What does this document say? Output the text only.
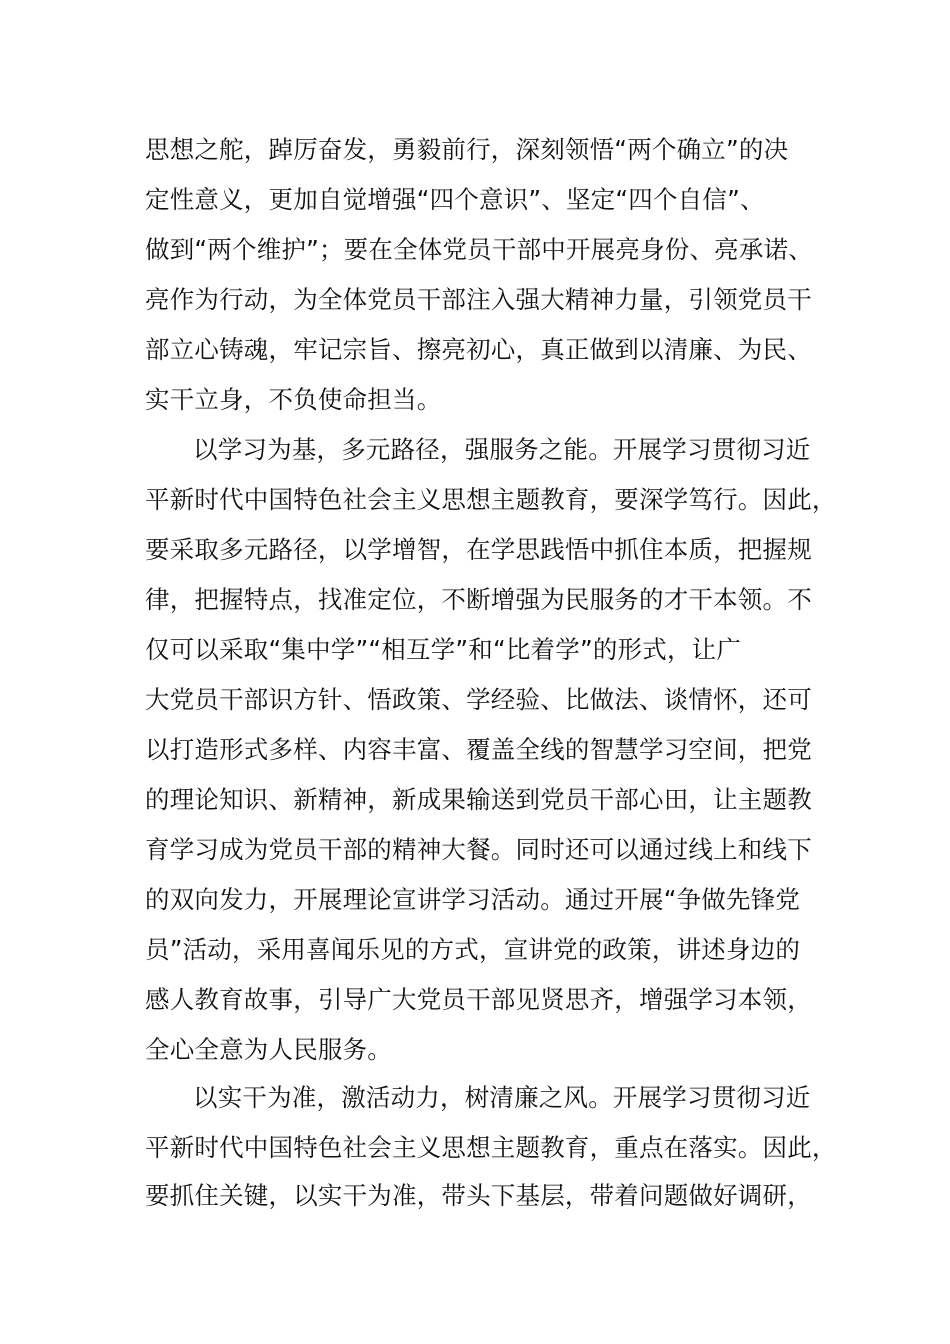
思想之舵，踔厉奋发，勇毅前行，深刻领悟“两个确立”的决
定性意义，更加自觉增强“四个意识”、坚定“四个自信”、
做到“两个维护”；要在全体党员干部中开展亮身份、亮承诺、
亮作为行动，为全体党员干部注入强大精神力量，引领党员干
部立心铸魂，牢记宗旨、擦亮初心，真正做到以清廉、为民、
实干立身，不负使命担当。
以学习为基，多元路径，强服务之能。开展学习贯彻习近
平新时代中国特色社会主义思想主题教育，要深学笃行。因此，
要采取多元路径，以学增智，在学思践悟中抓住本质，把握规
律，把握特点，找准定位，不断增强为民服务的才干本领。不
仅可以采取“集中学”“相互学”和“比着学”的形式，让广
大党员干部识方针、悟政策、学经验、比做法、谈情怀，还可
以打造形式多样、内容丰富、覆盖全线的智慧学习空间，把党
的理论知识、新精神，新成果输送到党员干部心田，让主题教
育学习成为党员干部的精神大餐。同时还可以通过线上和线下
的双向发力，开展理论宣讲学习活动。通过开展“争做先锋党
员”活动，采用喜闻乐见的方式，宣讲党的政策，讲述身边的
感人教育故事，引导广大党员干部见贤思齐，增强学习本领，
全心全意为人民服务。
以实干为准，激活动力，树清廉之风。开展学习贯彻习近
平新时代中国特色社会主义思想主题教育，重点在落实。因此，
要抓住关键，以实干为准，带头下基层，带着问题做好调研，
